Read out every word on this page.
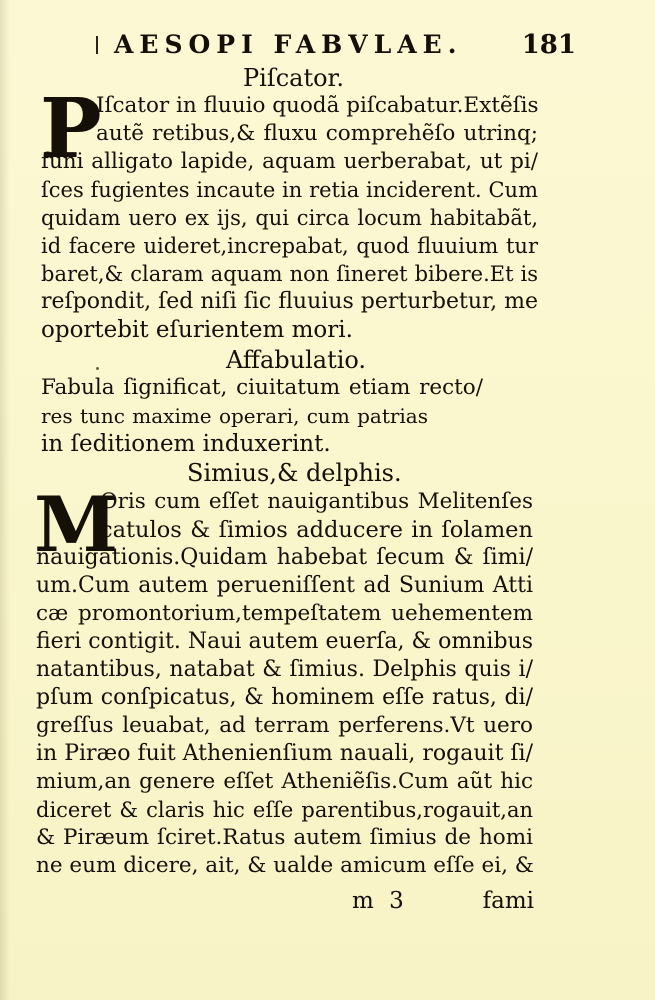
AESOPI FABVLAE. 181
Piſcator.
P
Iſcator in fluuio quodã piſcabatur.Extẽſis
autẽ retibus,& fluxu comprehẽſo utrinq;
funi alligato lapide, aquam uerberabat, ut pi/
ſces fugientes incaute in retia inciderent. Cum
quidam uero ex ijs, qui circa locum habitabãt,
id facere uideret,increpabat, quod fluuium tur
baret,& claram aquam non ſineret bibere.Et is
reſpondit, ſed niſi ſic fluuius perturbetur, me
oportebit eſurientem mori.
Affabulatio.
Fabula ſignificat, ciuitatum etiam recto/
res tunc maxime operari, cum patrias
in ſeditionem induxerint.
Simius,& delphis.
M
Oris cum eſſet nauigantibus Melitenſes
catulos & ſimios adducere in ſolamen
nauigationis.Quidam habebat ſecum & ſimi/
um.Cum autem perueniſſent ad Sunium Atti
cæ promontorium,tempeſtatem uehementem
fieri contigit. Naui autem euerſa, & omnibus
natantibus, natabat & ſimius. Delphis quis i/
pſum conſpicatus, & hominem eſſe ratus, di/
greſſus leuabat, ad terram perferens.Vt uero
in Piræo fuit Athenienſium nauali, rogauit ſi/
mium,an genere eſſet Atheniẽſis.Cum aũt hic
diceret & claris hic eſſe parentibus,rogauit,an
& Piræum ſciret.Ratus autem ſimius de homi
ne eum dicere, ait, & ualde amicum eſſe ei, &
m 3	fami
